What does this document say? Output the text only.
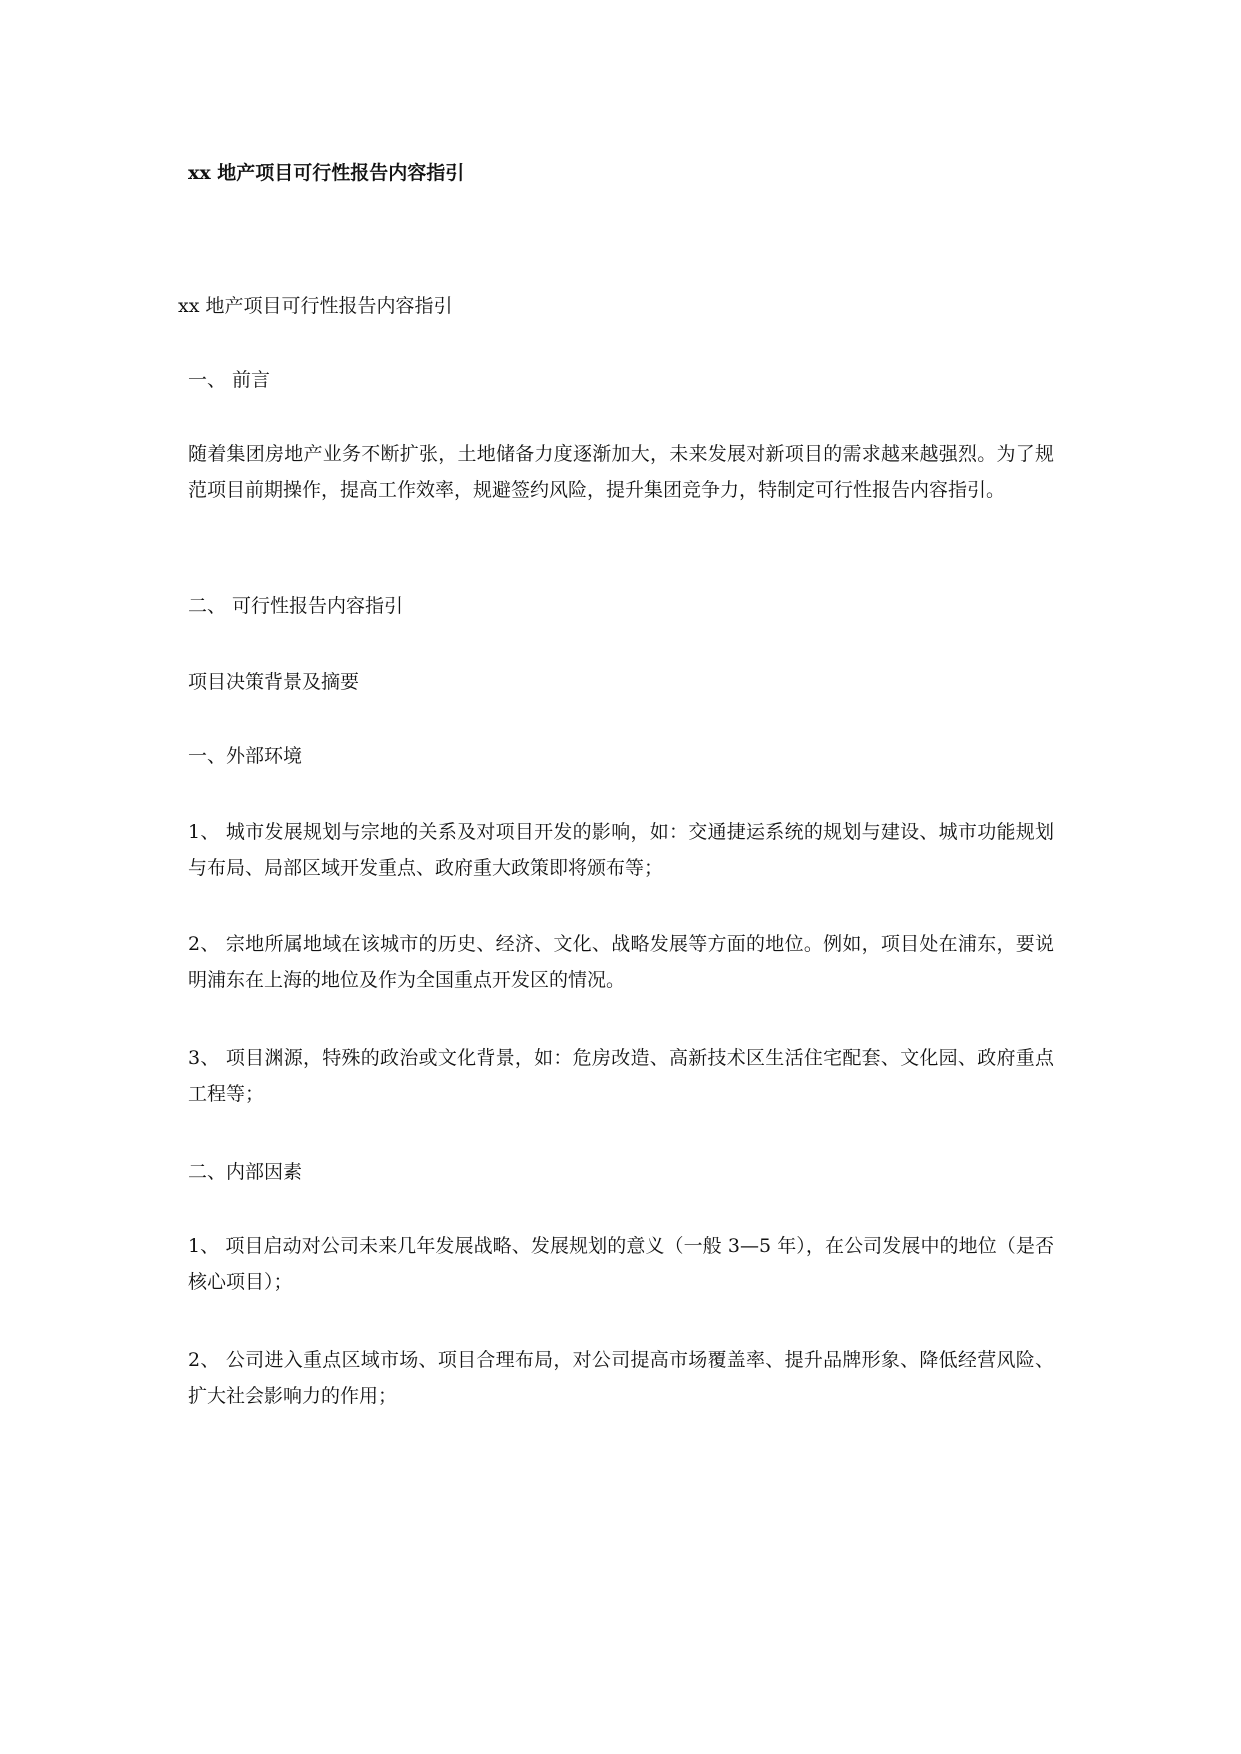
xx 地产项目可行性报告内容指引

xx 地产项目可行性报告内容指引

一、 前言

随着集团房地产业务不断扩张，土地储备力度逐渐加大，未来发展对新项目的需求越来越强烈。为了规范项目前期操作，提高工作效率，规避签约风险，提升集团竞争力，特制定可行性报告内容指引。

二、 可行性报告内容指引

项目决策背景及摘要

一、外部环境

1、 城市发展规划与宗地的关系及对项目开发的影响，如：交通捷运系统的规划与建设、城市功能规划与布局、局部区域开发重点、政府重大政策即将颁布等；

2、 宗地所属地域在该城市的历史、经济、文化、战略发展等方面的地位。例如，项目处在浦东，要说明浦东在上海的地位及作为全国重点开发区的情况。

3、 项目渊源，特殊的政治或文化背景，如：危房改造、高新技术区生活住宅配套、文化园、政府重点工程等；

二、内部因素

1、 项目启动对公司未来几年发展战略、发展规划的意义（一般 3—5 年），在公司发展中的地位（是否核心项目）；

2、 公司进入重点区域市场、项目合理布局，对公司提高市场覆盖率、提升品牌形象、降低经营风险、扩大社会影响力的作用；
